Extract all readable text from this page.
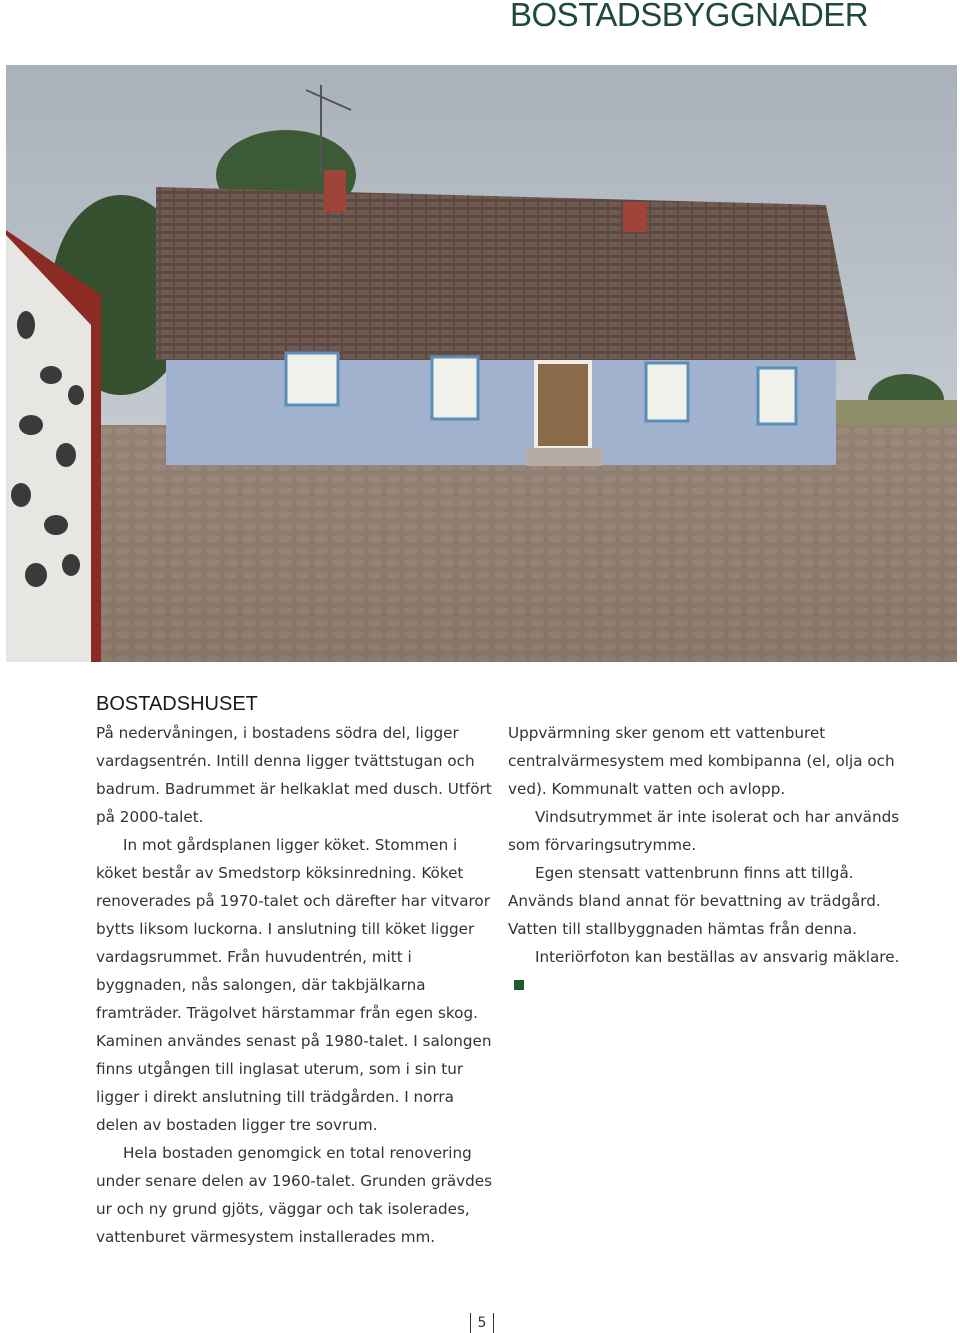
BOSTADSBYGGNADER
BOSTADSHUSET

På nedervåningen, i bostadens södra del, ligger vardagsentrén. Intill denna ligger tvättstugan och badrum. Badrummet är helkaklat med dusch. Utfört på 2000-talet.

In mot gårdsplanen ligger köket. Stommen i köket består av Smedstorp köksinredning. Köket renoverades på 1970-talet och därefter har vitvaror bytts liksom luckorna. I anslutning till köket ligger vardagsrummet. Från huvudentrén, mitt i byggnaden, nås salongen, där takbjälkarna framträder. Trägolvet härstammar från egen skog. Kaminen användes senast på 1980-talet. I salongen finns utgången till inglasat uterum, som i sin tur ligger i direkt anslutning till trädgården. I norra delen av bostaden ligger tre sovrum.

Hela bostaden genomgick en total renovering under senare delen av 1960-talet. Grunden grävdes ur och ny grund gjöts, väggar och tak isolerades, vattenburet värmesystem installerades mm.

Uppvärmning sker genom ett vattenburet centralvärmesystem med kombipanna (el, olja och ved). Kommunalt vatten och avlopp.

Vindsutrymmet är inte isolerat och har används som förvaringsutrymme.

Egen stensatt vattenbrunn finns att tillgå. Används bland annat för bevattning av trädgård. Vatten till stallbyggnaden hämtas från denna.

Interiörfoton kan beställas av ansvarig mäklare.

5
